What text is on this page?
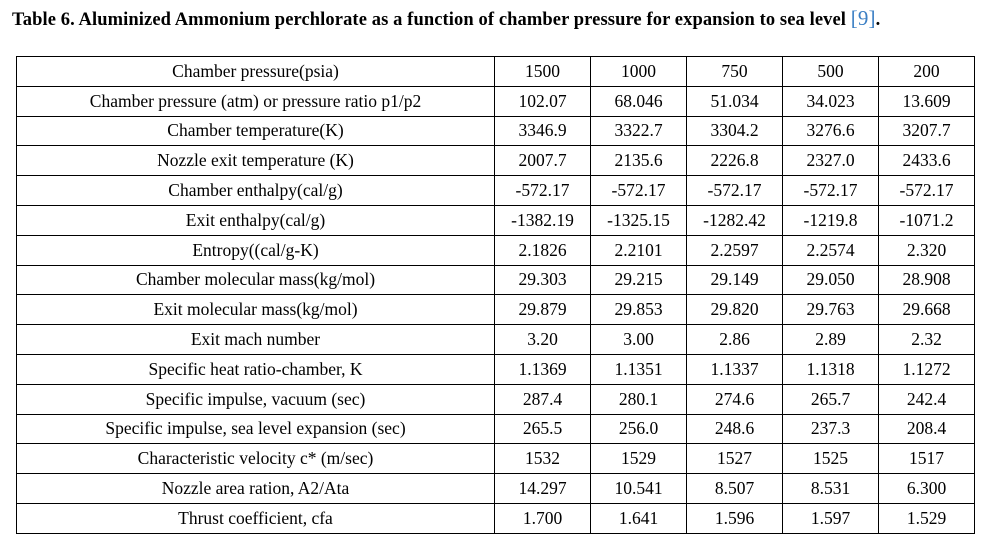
Table 6. Aluminized Ammonium perchlorate as a function of chamber pressure for expansion to sea level [9].
Chamber pressure(psia)	1500	1000	750	500	200
Chamber pressure (atm) or pressure ratio p1/p2	102.07	68.046	51.034	34.023	13.609
Chamber temperature(K)	3346.9	3322.7	3304.2	3276.6	3207.7
Nozzle exit temperature (K)	2007.7	2135.6	2226.8	2327.0	2433.6
Chamber enthalpy(cal/g)	-572.17	-572.17	-572.17	-572.17	-572.17
Exit enthalpy(cal/g)	-1382.19	-1325.15	-1282.42	-1219.8	-1071.2
Entropy((cal/g-K)	2.1826	2.2101	2.2597	2.2574	2.320
Chamber molecular mass(kg/mol)	29.303	29.215	29.149	29.050	28.908
Exit molecular mass(kg/mol)	29.879	29.853	29.820	29.763	29.668
Exit mach number	3.20	3.00	2.86	2.89	2.32
Specific heat ratio-chamber, K	1.1369	1.1351	1.1337	1.1318	1.1272
Specific impulse, vacuum (sec)	287.4	280.1	274.6	265.7	242.4
Specific impulse, sea level expansion (sec)	265.5	256.0	248.6	237.3	208.4
Characteristic velocity c* (m/sec)	1532	1529	1527	1525	1517
Nozzle area ration, A2/Ata	14.297	10.541	8.507	8.531	6.300
Thrust coefficient, cfa	1.700	1.641	1.596	1.597	1.529
